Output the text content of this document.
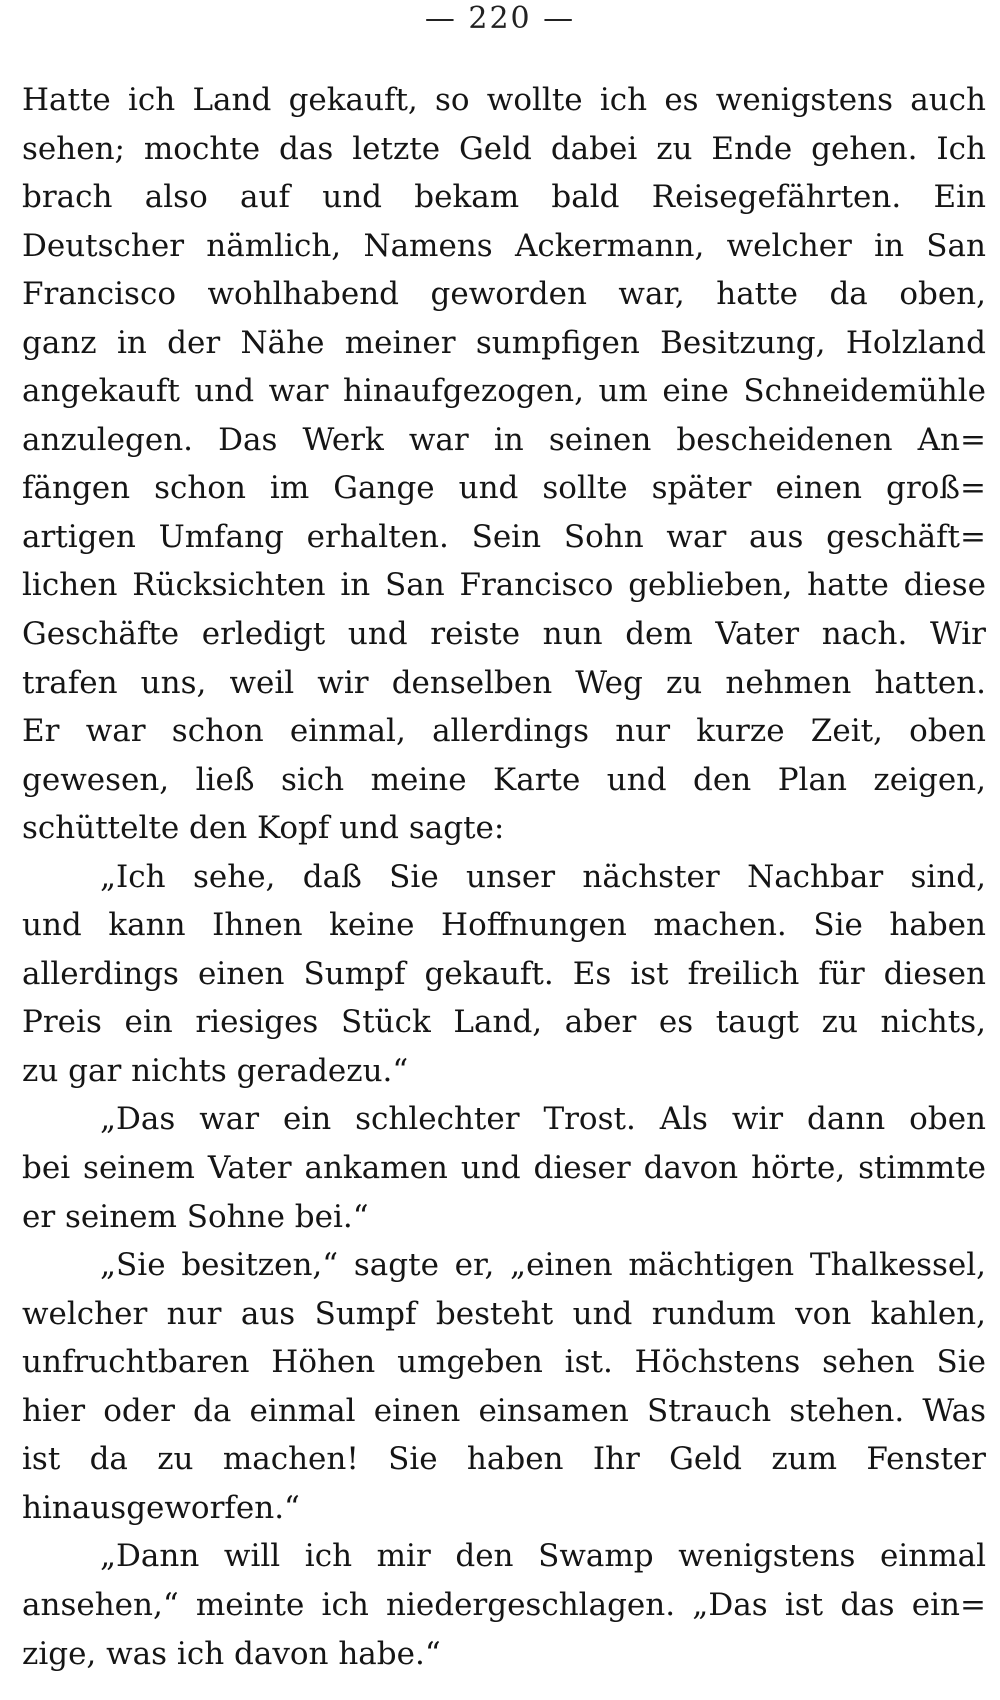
— 220 —
Hatte ich Land gekauft, so wollte ich es wenigstens auch
sehen; mochte das letzte Geld dabei zu Ende gehen. Ich
brach also auf und bekam bald Reisegefährten. Ein
Deutscher nämlich, Namens Ackermann, welcher in San
Francisco wohlhabend geworden war, hatte da oben,
ganz in der Nähe meiner sumpfigen Besitzung, Holzland
angekauft und war hinaufgezogen, um eine Schneidemühle
anzulegen. Das Werk war in seinen bescheidenen An=
fängen schon im Gange und sollte später einen groß=
artigen Umfang erhalten. Sein Sohn war aus geschäft=
lichen Rücksichten in San Francisco geblieben, hatte diese
Geschäfte erledigt und reiste nun dem Vater nach. Wir
trafen uns, weil wir denselben Weg zu nehmen hatten.
Er war schon einmal, allerdings nur kurze Zeit, oben
gewesen, ließ sich meine Karte und den Plan zeigen,
schüttelte den Kopf und sagte:
„Ich sehe, daß Sie unser nächster Nachbar sind,
und kann Ihnen keine Hoffnungen machen. Sie haben
allerdings einen Sumpf gekauft. Es ist freilich für diesen
Preis ein riesiges Stück Land, aber es taugt zu nichts,
zu gar nichts geradezu.“
„Das war ein schlechter Trost. Als wir dann oben
bei seinem Vater ankamen und dieser davon hörte, stimmte
er seinem Sohne bei.“
„Sie besitzen,“ sagte er, „einen mächtigen Thalkessel,
welcher nur aus Sumpf besteht und rundum von kahlen,
unfruchtbaren Höhen umgeben ist. Höchstens sehen Sie
hier oder da einmal einen einsamen Strauch stehen. Was
ist da zu machen! Sie haben Ihr Geld zum Fenster
hinausgeworfen.“
„Dann will ich mir den Swamp wenigstens einmal
ansehen,“ meinte ich niedergeschlagen. „Das ist das ein=
zige, was ich davon habe.“
